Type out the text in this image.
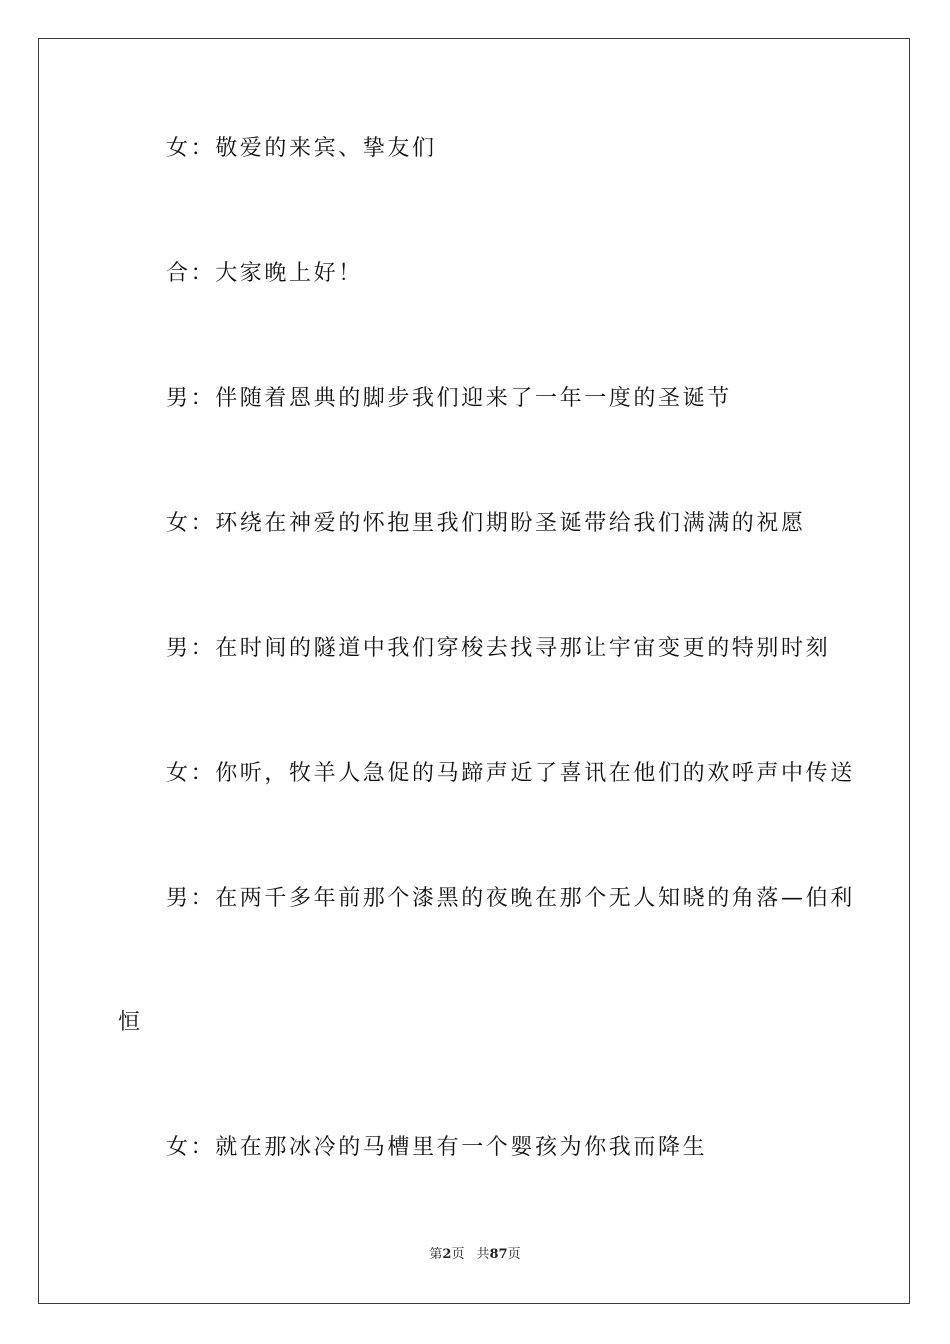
女：敬爱的来宾、挚友们
合：大家晚上好！
男：伴随着恩典的脚步我们迎来了一年一度的圣诞节
女：环绕在神爱的怀抱里我们期盼圣诞带给我们满满的祝愿
男：在时间的隧道中我们穿梭去找寻那让宇宙变更的特别时刻
女：你听，牧羊人急促的马蹄声近了喜讯在他们的欢呼声中传送
男：在两千多年前那个漆黑的夜晚在那个无人知晓的角落—伯利
恒
女：就在那冰冷的马槽里有一个婴孩为你我而降生
第2页 共87页
